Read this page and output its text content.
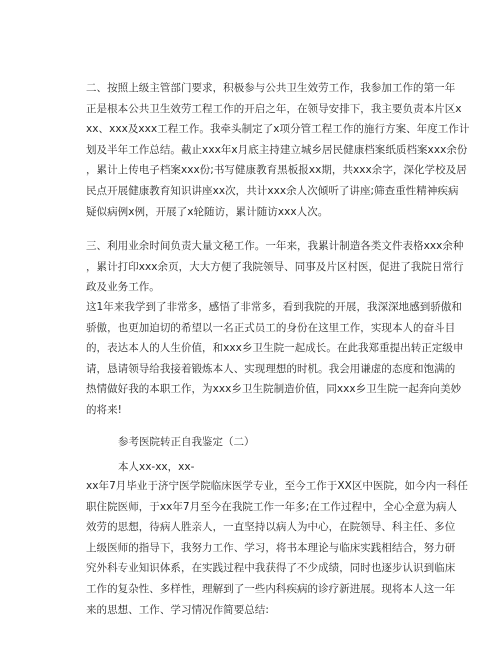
二、按照上级主管部门要求，积极参与公共卫生效劳工作，我参加工作的第一年
正是根本公共卫生效劳工程工作的开启之年，在领导安排下，我主要负责本片区x
xx、xxx及xxx工程工作。我牵头制定了x项分管工程工作的施行方案、年度工作计
划及半年工作总结。截止xxx年x月底主持建立城乡居民健康档案纸质档案xxx余份
，累计上传电子档案xxx份;书写健康教育黑板报xx期，共xxx余字，深化学校及居
民点开展健康教育知识讲座xx次，共计xxx余人次倾听了讲座;筛查重性精神疾病
疑似病例x例，开展了x轮随访，累计随访xxx人次。
三、利用业余时间负责大量文秘工作。一年来，我累计制造各类文件表格xxx余种
，累计打印xxx余页，大大方便了我院领导、同事及片区村医，促进了我院日常行
政及业务工作。
这1年来我学到了非常多，感悟了非常多，看到我院的开展，我深深地感到骄傲和
骄傲，也更加迫切的希望以一名正式员工的身份在这里工作，实现本人的奋斗目
的，表达本人的人生价值，和xxx乡卫生院一起成长。在此我郑重提出转正定级申
请，恳请领导给我接着锻炼本人、实现理想的时机。我会用谦虚的态度和饱满的
热情做好我的本职工作，为xxx乡卫生院制造价值，同xxx乡卫生院一起奔向美妙
的将来!

参考医院转正自我鉴定（二）

本人xx-xx，xx-

xx年7月毕业于济宁医学院临床医学专业，至今工作于XX区中医院，如今内一科任
职住院医师，于xx年7月至今在我院工作一年多;在工作过程中，全心全意为病人
效劳的思想，待病人胜亲人，一直坚持以病人为中心，在院领导、科主任、多位
上级医师的指导下，我努力工作、学习，将书本理论与临床实践相结合，努力研
究外科专业知识体系，在实践过程中我获得了不少成绩，同时也逐步认识到临床
工作的复杂性、多样性，理解到了一些内科疾病的诊疗新进展。现将本人这一年
来的思想、工作、学习情况作简要总结:
